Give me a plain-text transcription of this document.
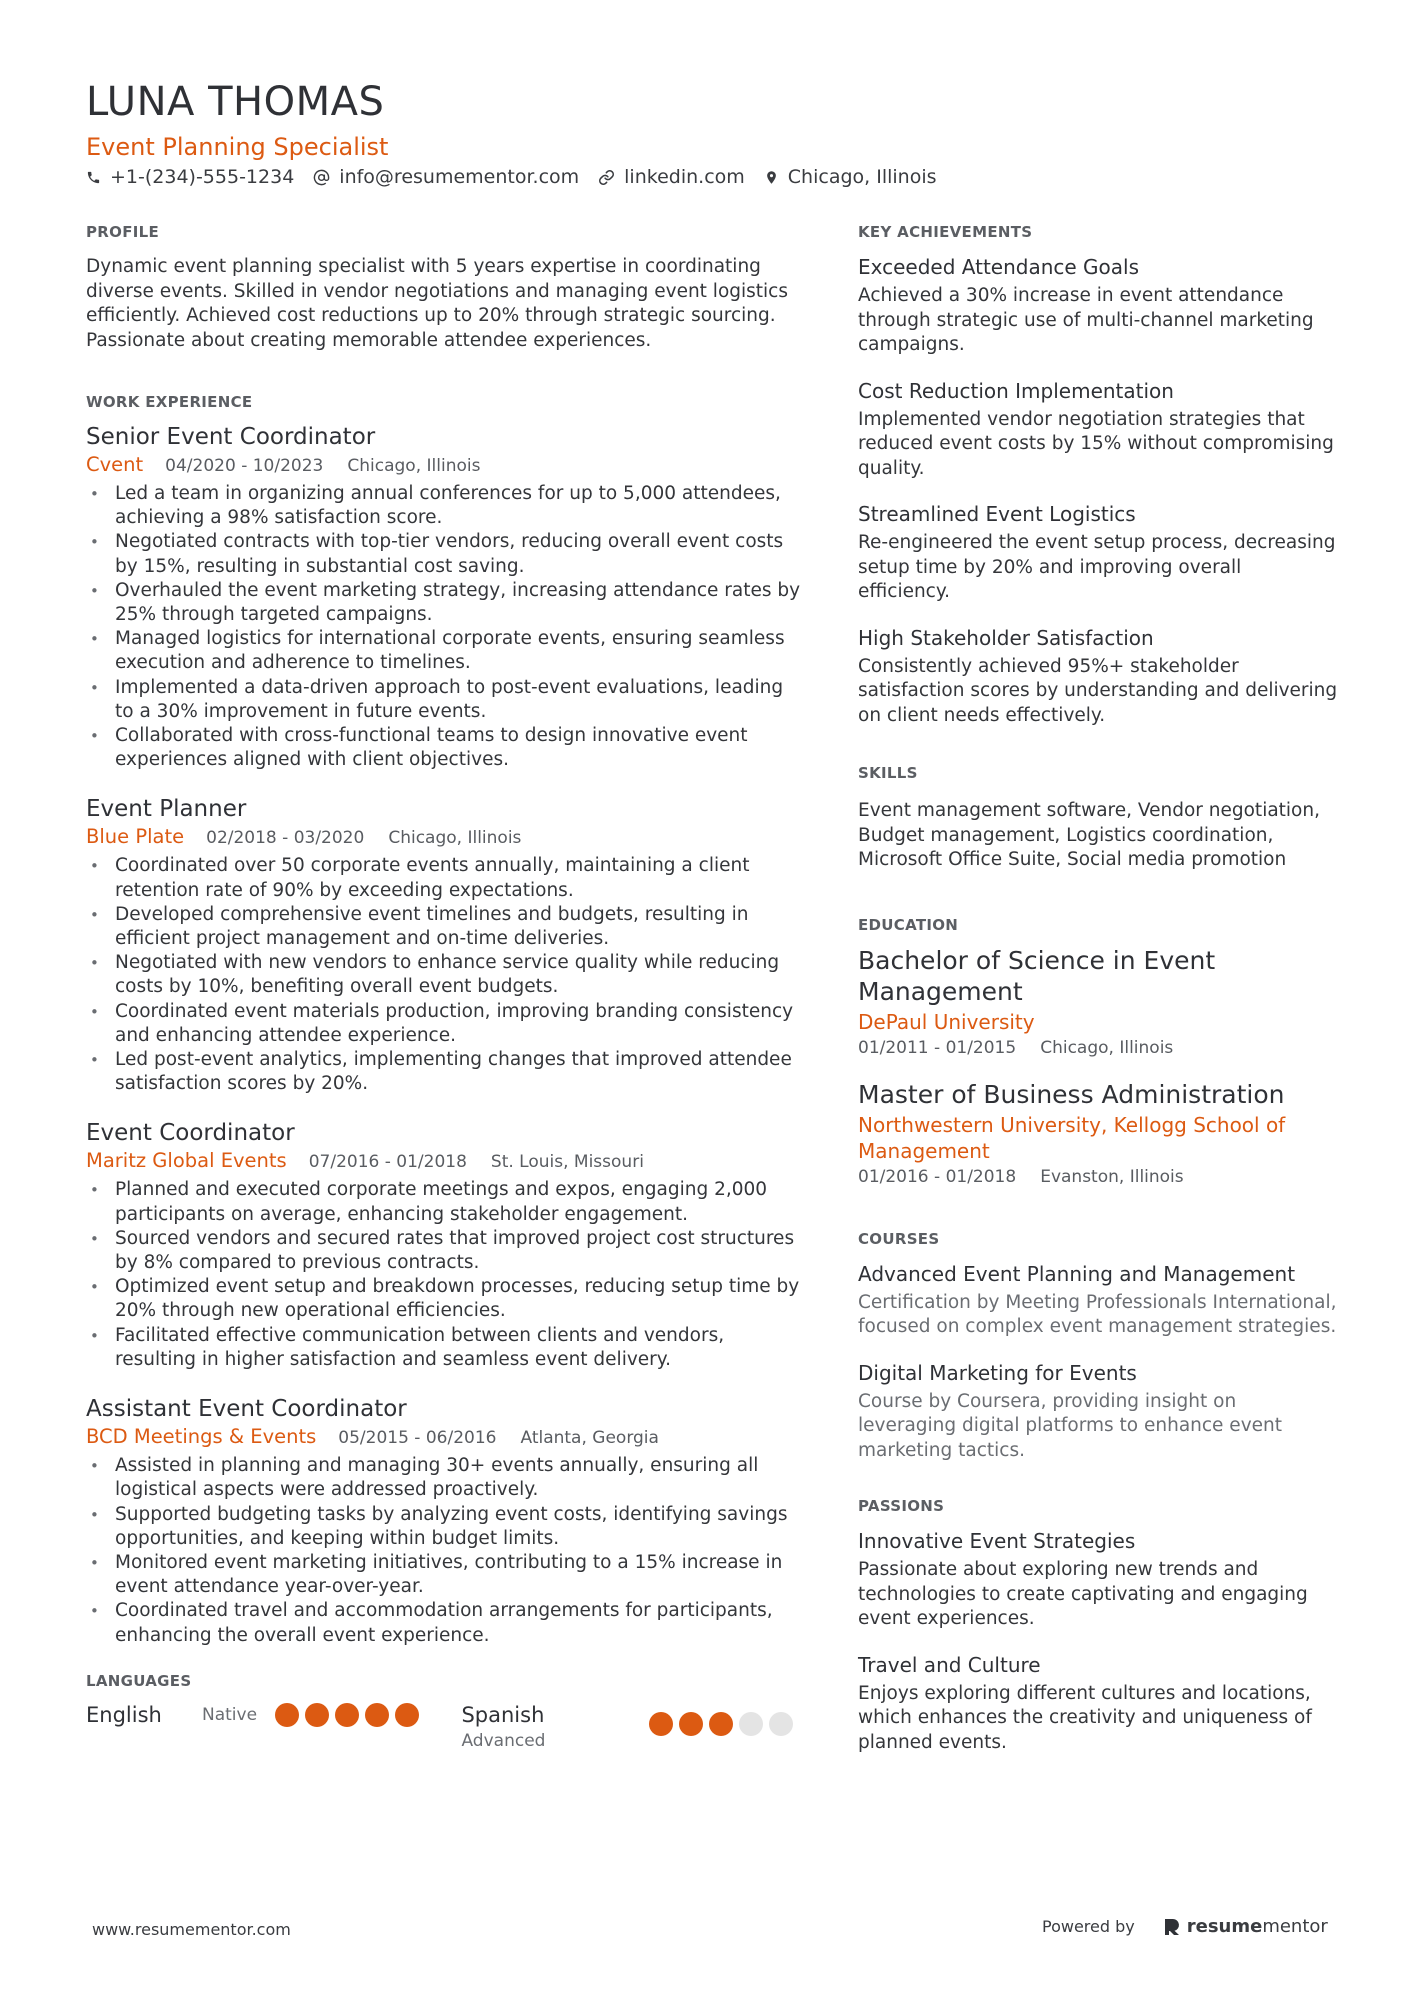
LUNA THOMAS
Event Planning Specialist
+1-(234)-555-1234 info@resumementor.com linkedin.com Chicago, Illinois
PROFILE

Dynamic event planning specialist with 5 years expertise in coordinating diverse events. Skilled in vendor negotiations and managing event logistics efficiently. Achieved cost reductions up to 20% through strategic sourcing. Passionate about creating memorable attendee experiences.

WORK EXPERIENCE
Senior Event Coordinator
Cvent 04/2020 - 10/2023 Chicago, Illinois
• Led a team in organizing annual conferences for up to 5,000 attendees, achieving a 98% satisfaction score.
• Negotiated contracts with top-tier vendors, reducing overall event costs by 15%, resulting in substantial cost saving.
• Overhauled the event marketing strategy, increasing attendance rates by 25% through targeted campaigns.
• Managed logistics for international corporate events, ensuring seamless execution and adherence to timelines.
• Implemented a data-driven approach to post-event evaluations, leading to a 30% improvement in future events.
• Collaborated with cross-functional teams to design innovative event experiences aligned with client objectives.
Event Planner
Blue Plate 02/2018 - 03/2020 Chicago, Illinois
• Coordinated over 50 corporate events annually, maintaining a client retention rate of 90% by exceeding expectations.
• Developed comprehensive event timelines and budgets, resulting in efficient project management and on-time deliveries.
• Negotiated with new vendors to enhance service quality while reducing costs by 10%, benefiting overall event budgets.
• Coordinated event materials production, improving branding consistency and enhancing attendee experience.
• Led post-event analytics, implementing changes that improved attendee satisfaction scores by 20%.
Event Coordinator
Maritz Global Events 07/2016 - 01/2018 St. Louis, Missouri
• Planned and executed corporate meetings and expos, engaging 2,000 participants on average, enhancing stakeholder engagement.
• Sourced vendors and secured rates that improved project cost structures by 8% compared to previous contracts.
• Optimized event setup and breakdown processes, reducing setup time by 20% through new operational efficiencies.
• Facilitated effective communication between clients and vendors, resulting in higher satisfaction and seamless event delivery.
Assistant Event Coordinator
BCD Meetings & Events 05/2015 - 06/2016 Atlanta, Georgia
• Assisted in planning and managing 30+ events annually, ensuring all logistical aspects were addressed proactively.
• Supported budgeting tasks by analyzing event costs, identifying savings opportunities, and keeping within budget limits.
• Monitored event marketing initiatives, contributing to a 15% increase in event attendance year-over-year.
• Coordinated travel and accommodation arrangements for participants, enhancing the overall event experience.
LANGUAGES
English	Native	Spanish
Advanced
KEY ACHIEVEMENTS
Exceeded Attendance Goals

Achieved a 30% increase in event attendance through strategic use of multi-channel marketing campaigns.

Cost Reduction Implementation

Implemented vendor negotiation strategies that reduced event costs by 15% without compromising quality.

Streamlined Event Logistics

Re-engineered the event setup process, decreasing setup time by 20% and improving overall efficiency.

High Stakeholder Satisfaction

Consistently achieved 95%+ stakeholder satisfaction scores by understanding and delivering on client needs effectively.

SKILLS

Event management software, Vendor negotiation, Budget management, Logistics coordination, Microsoft Office Suite, Social media promotion

EDUCATION
Bachelor of Science in Event Management
DePaul University
01/2011 - 01/2015 Chicago, Illinois
Master of Business Administration
Northwestern University, Kellogg School of Management
01/2016 - 01/2018 Evanston, Illinois
COURSES
Advanced Event Planning and Management

Certification by Meeting Professionals International, focused on complex event management strategies.

Digital Marketing for Events

Course by Coursera, providing insight on leveraging digital platforms to enhance event marketing tactics.

PASSIONS
Innovative Event Strategies

Passionate about exploring new trends and technologies to create captivating and engaging event experiences.

Travel and Culture

Enjoys exploring different cultures and locations, which enhances the creativity and uniqueness of planned events.

www.resumementor.com	Powered by	resume mentor
